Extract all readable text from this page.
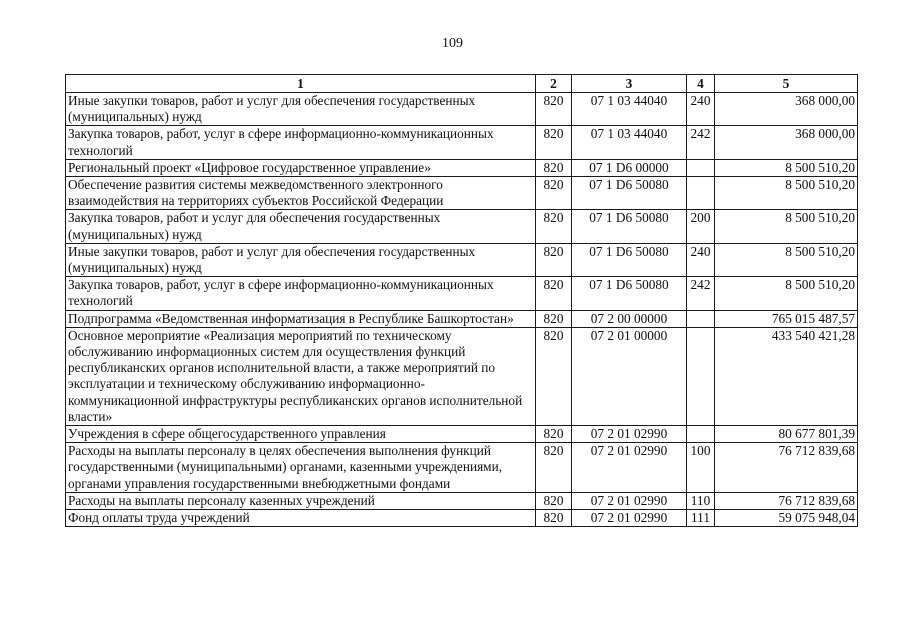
109
1	2	3	4	5
Иные закупки товаров, работ и услуг для обеспечения государственных (муниципальных) нужд	820	07 1 03 44040	240	368 000,00
Закупка товаров, работ, услуг в сфере информационно-коммуникационных технологий	820	07 1 03 44040	242	368 000,00
Региональный проект «Цифровое государственное управление»	820	07 1 D6 00000		8 500 510,20
Обеспечение развития системы межведомственного электронного взаимодействия на территориях субъектов Российской Федерации	820	07 1 D6 50080		8 500 510,20
Закупка товаров, работ и услуг для обеспечения государственных (муниципальных) нужд	820	07 1 D6 50080	200	8 500 510,20
Иные закупки товаров, работ и услуг для обеспечения государственных (муниципальных) нужд	820	07 1 D6 50080	240	8 500 510,20
Закупка товаров, работ, услуг в сфере информационно-коммуникационных технологий	820	07 1 D6 50080	242	8 500 510,20
Подпрограмма «Ведомственная информатизация в Республике Башкортостан»	820	07 2 00 00000		765 015 487,57
Основное мероприятие «Реализация мероприятий по техническому обслуживанию информационных систем для осуществления функций республиканских органов исполнительной власти, а также мероприятий по эксплуатации и техническому обслуживанию информационно-коммуникационной инфраструктуры республиканских органов исполнительной власти»	820	07 2 01 00000		433 540 421,28
Учреждения в сфере общегосударственного управления	820	07 2 01 02990		80 677 801,39
Расходы на выплаты персоналу в целях обеспечения выполнения функций государственными (муниципальными) органами, казенными учреждениями, органами управления государственными внебюджетными фондами	820	07 2 01 02990	100	76 712 839,68
Расходы на выплаты персоналу казенных учреждений	820	07 2 01 02990	110	76 712 839,68
Фонд оплаты труда учреждений	820	07 2 01 02990	111	59 075 948,04
